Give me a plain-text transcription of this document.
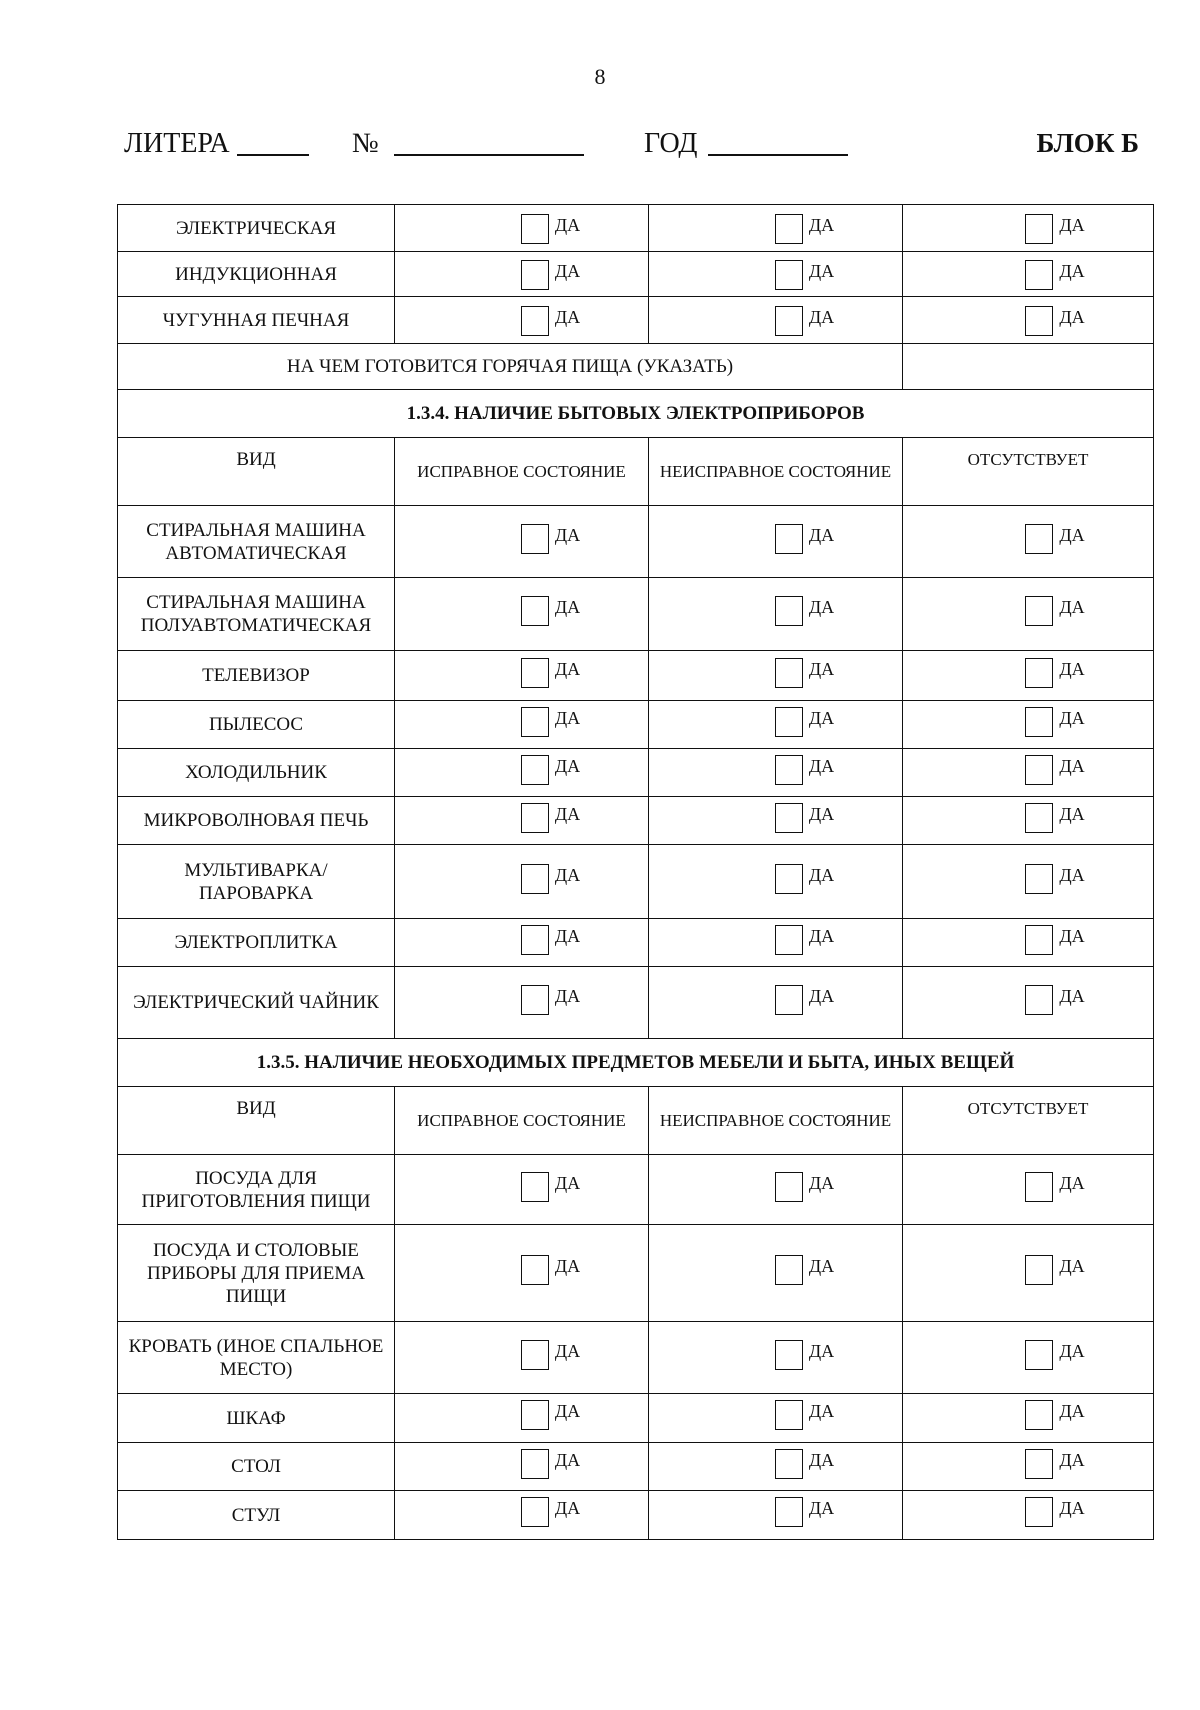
8
ЛИТЕРА	№	ГОД	БЛОК Б
ЭЛЕКТРИЧЕСКАЯ	ДА	ДА	ДА

ИНДУКЦИОННАЯ	ДА	ДА	ДА

ЧУГУННАЯ ПЕЧНАЯ	ДА	ДА	ДА

НА ЧЕМ ГОТОВИТСЯ ГОРЯЧАЯ ПИЩА (УКАЗАТЬ)			
1.3.4. НАЛИЧИЕ БЫТОВЫХ ЭЛЕКТРОПРИБОРОВ			
ВИД	ИСПРАВНОЕ СОСТОЯНИЕ	НЕИСПРАВНОЕ СОСТОЯНИЕ	ОТСУТСТВУЕТ
СТИРАЛЬНАЯ МАШИНА АВТОМАТИЧЕСКАЯ	ДА	ДА	ДА

СТИРАЛЬНАЯ МАШИНА ПОЛУАВТОМАТИЧЕСКАЯ	ДА	ДА	ДА

ТЕЛЕВИЗОР	ДА	ДА	ДА

ПЫЛЕСОС	ДА	ДА	ДА

ХОЛОДИЛЬНИК	ДА	ДА	ДА

МИКРОВОЛНОВАЯ ПЕЧЬ	ДА	ДА	ДА

МУЛЬТИВАРКА/ ПАРОВАРКА	ДА	ДА	ДА

ЭЛЕКТРОПЛИТКА	ДА	ДА	ДА

ЭЛЕКТРИЧЕСКИЙ ЧАЙНИК	ДА	ДА	ДА

1.3.5. НАЛИЧИЕ НЕОБХОДИМЫХ ПРЕДМЕТОВ МЕБЕЛИ И БЫТА, ИНЫХ ВЕЩЕЙ			
ВИД	ИСПРАВНОЕ СОСТОЯНИЕ	НЕИСПРАВНОЕ СОСТОЯНИЕ	ОТСУТСТВУЕТ
ПОСУДА ДЛЯ ПРИГОТОВЛЕНИЯ ПИЩИ	ДА	ДА	ДА

ПОСУДА И СТОЛОВЫЕ ПРИБОРЫ ДЛЯ ПРИЕМА ПИЩИ	ДА	ДА	ДА

КРОВАТЬ (ИНОЕ СПАЛЬНОЕ МЕСТО)	ДА	ДА	ДА

ШКАФ	ДА	ДА	ДА

СТОЛ	ДА	ДА	ДА

СТУЛ	ДА	ДА	ДА
